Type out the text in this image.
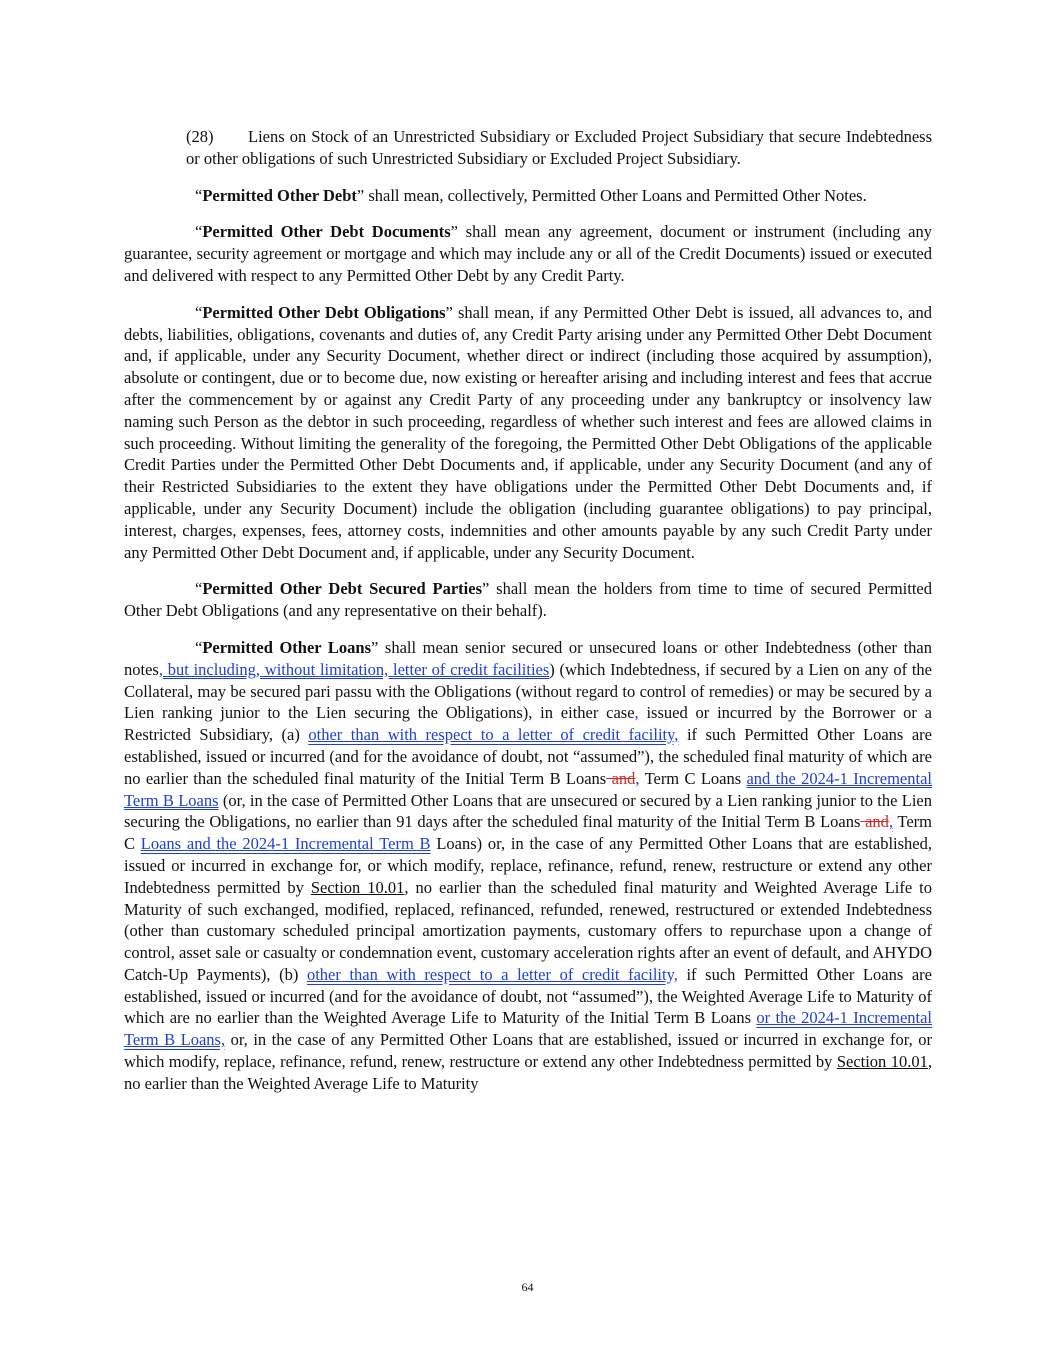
(28) Liens on Stock of an Unrestricted Subsidiary or Excluded Project Subsidiary that secure Indebtedness or other obligations of such Unrestricted Subsidiary or Excluded Project Subsidiary.

“Permitted Other Debt” shall mean, collectively, Permitted Other Loans and Permitted Other Notes.

“Permitted Other Debt Documents” shall mean any agreement, document or instrument (including any guarantee, security agreement or mortgage and which may include any or all of the Credit Documents) issued or executed and delivered with respect to any Permitted Other Debt by any Credit Party.

“Permitted Other Debt Obligations” shall mean, if any Permitted Other Debt is issued, all advances to, and debts, liabilities, obligations, covenants and duties of, any Credit Party arising under any Permitted Other Debt Document and, if applicable, under any Security Document, whether direct or indirect (including those acquired by assumption), absolute or contingent, due or to become due, now existing or hereafter arising and including interest and fees that accrue after the commencement by or against any Credit Party of any proceeding under any bankruptcy or insolvency law naming such Person as the debtor in such proceeding, regardless of whether such interest and fees are allowed claims in such proceeding. Without limiting the generality of the foregoing, the Permitted Other Debt Obligations of the applicable Credit Parties under the Permitted Other Debt Documents and, if applicable, under any Security Document (and any of their Restricted Subsidiaries to the extent they have obligations under the Permitted Other Debt Documents and, if applicable, under any Security Document) include the obligation (including guarantee obligations) to pay principal, interest, charges, expenses, fees, attorney costs, indemnities and other amounts payable by any such Credit Party under any Permitted Other Debt Document and, if applicable, under any Security Document.

“Permitted Other Debt Secured Parties” shall mean the holders from time to time of secured Permitted Other Debt Obligations (and any representative on their behalf).

“Permitted Other Loans” shall mean senior secured or unsecured loans or other Indebtedness (other than notes, but including, without limitation, letter of credit facilities) (which Indebtedness, if secured by a Lien on any of the Collateral, may be secured pari passu with the Obligations (without regard to control of remedies) or may be secured by a Lien ranking junior to the Lien securing the Obligations), in either case, issued or incurred by the Borrower or a Restricted Subsidiary, (a) other than with respect to a letter of credit facility, if such Permitted Other Loans are established, issued or incurred (and for the avoidance of doubt, not “assumed”), the scheduled final maturity of which are no earlier than the scheduled final maturity of the Initial Term B Loans and, Term C Loans and the 2024-1 Incremental Term B Loans (or, in the case of Permitted Other Loans that are unsecured or secured by a Lien ranking junior to the Lien securing the Obligations, no earlier than 91 days after the scheduled final maturity of the Initial Term B Loans and, Term C Loans and the 2024-1 Incremental Term B Loans) or, in the case of any Permitted Other Loans that are established, issued or incurred in exchange for, or which modify, replace, refinance, refund, renew, restructure or extend any other Indebtedness permitted by Section 10.01, no earlier than the scheduled final maturity and Weighted Average Life to Maturity of such exchanged, modified, replaced, refinanced, refunded, renewed, restructured or extended Indebtedness (other than customary scheduled principal amortization payments, customary offers to repurchase upon a change of control, asset sale or casualty or condemnation event, customary acceleration rights after an event of default, and AHYDO Catch-Up Payments), (b) other than with respect to a letter of credit facility, if such Permitted Other Loans are established, issued or incurred (and for the avoidance of doubt, not “assumed”), the Weighted Average Life to Maturity of which are no earlier than the Weighted Average Life to Maturity of the Initial Term B Loans or the 2024-1 Incremental Term B Loans, or, in the case of any Permitted Other Loans that are established, issued or incurred in exchange for, or which modify, replace, refinance, refund, renew, restructure or extend any other Indebtedness permitted by Section 10.01, no earlier than the Weighted Average Life to Maturity

64
